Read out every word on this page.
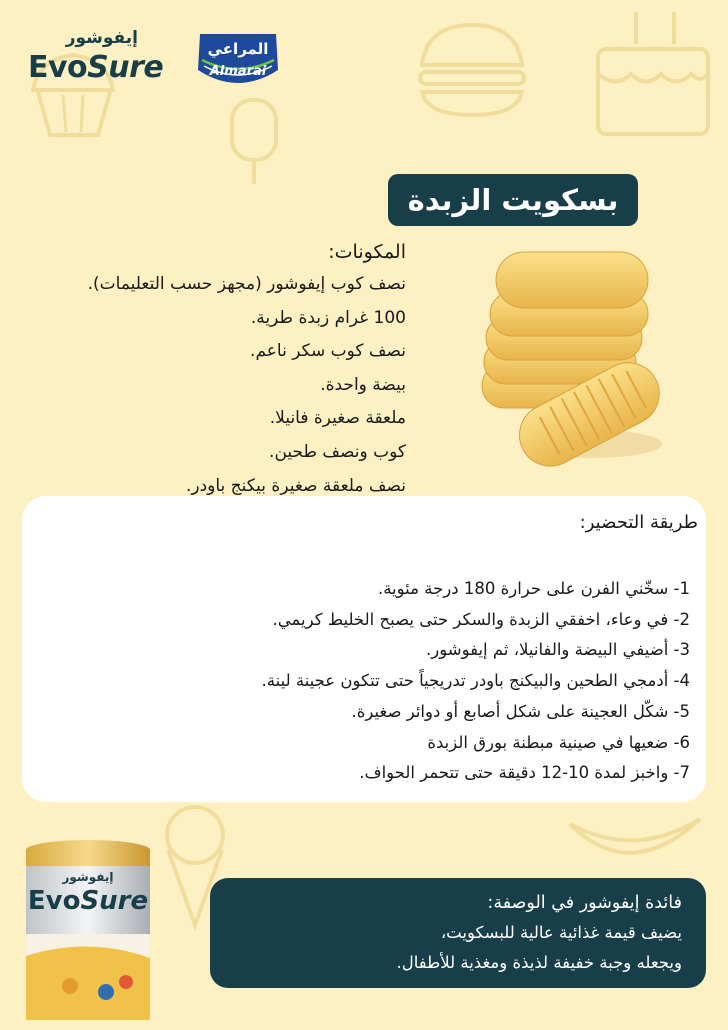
إيفوشور
EvoSure
المراعي
Almarai
بسكويت الزبدة
المكونات:
نصف كوب إيفوشور (مجهز حسب التعليمات).
100 غرام زبدة طرية.
نصف كوب سكر ناعم.
بيضة واحدة.
ملعقة صغيرة فانيلا.
كوب ونصف طحين.
نصف ملعقة صغيرة بيكنج باودر.
طريقة التحضير:
1- سخّني الفرن على حرارة 180 درجة مئوية.
2- في وعاء، اخفقي الزبدة والسكر حتى يصبح الخليط كريمي.
3- أضيفي البيضة والفانيلا، ثم إيفوشور.
4- أدمجي الطحين والبيكنج باودر تدريجياً حتى تتكون عجينة لينة.
5- شكّل العجينة على شكل أصابع أو دوائر صغيرة.
6- ضعيها في صينية مبطنة بورق الزبدة
7- واخبز لمدة 10-12 دقيقة حتى تتحمر الحواف.
إيفوشور
EvoSure	فائدة إيفوشور في الوصفة:
يضيف قيمة غذائية عالية للبسكويت،
ويجعله وجبة خفيفة لذيذة ومغذية للأطفال.
